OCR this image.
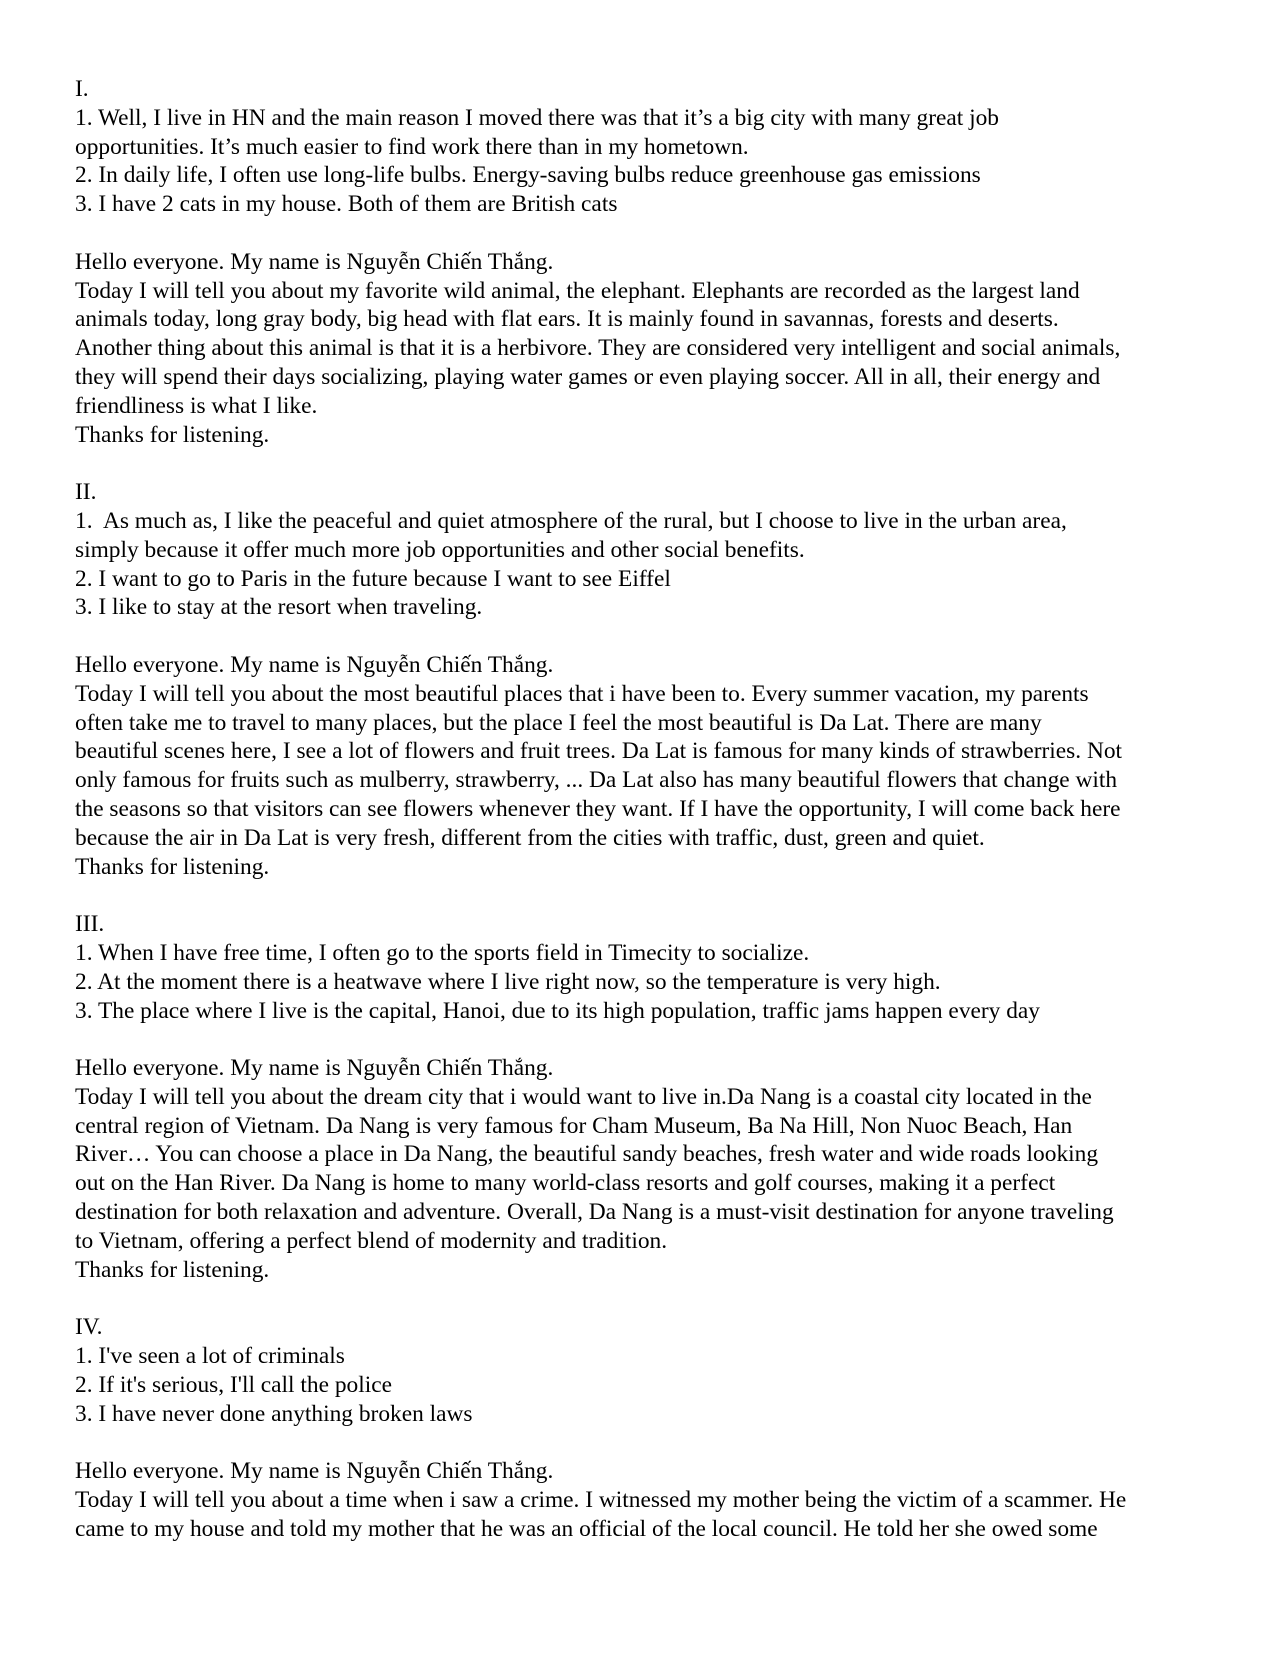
I.
1. Well, I live in HN and the main reason I moved there was that it’s a big city with many great job
opportunities. It’s much easier to find work there than in my hometown.
2. In daily life, I often use long-life bulbs. Energy-saving bulbs reduce greenhouse gas emissions
3. I have 2 cats in my house. Both of them are British cats
Hello everyone. My name is Nguyễn Chiến Thắng.
Today I will tell you about my favorite wild animal, the elephant. Elephants are recorded as the largest land
animals today, long gray body, big head with flat ears. It is mainly found in savannas, forests and deserts.
Another thing about this animal is that it is a herbivore. They are considered very intelligent and social animals,
they will spend their days socializing, playing water games or even playing soccer. All in all, their energy and
friendliness is what I like.
Thanks for listening.
II.
1.  As much as, I like the peaceful and quiet atmosphere of the rural, but I choose to live in the urban area,
simply because it offer much more job opportunities and other social benefits.
2. I want to go to Paris in the future because I want to see Eiffel
3. I like to stay at the resort when traveling.
Hello everyone. My name is Nguyễn Chiến Thắng.
Today I will tell you about the most beautiful places that i have been to. Every summer vacation, my parents
often take me to travel to many places, but the place I feel the most beautiful is Da Lat. There are many
beautiful scenes here, I see a lot of flowers and fruit trees. Da Lat is famous for many kinds of strawberries. Not
only famous for fruits such as mulberry, strawberry, ... Da Lat also has many beautiful flowers that change with
the seasons so that visitors can see flowers whenever they want. If I have the opportunity, I will come back here
because the air in Da Lat is very fresh, different from the cities with traffic, dust, green and quiet.
Thanks for listening.
III.
1. When I have free time, I often go to the sports field in Timecity to socialize.
2. At the moment there is a heatwave where I live right now, so the temperature is very high.
3. The place where I live is the capital, Hanoi, due to its high population, traffic jams happen every day
Hello everyone. My name is Nguyễn Chiến Thắng.
Today I will tell you about the dream city that i would want to live in.Da Nang is a coastal city located in the
central region of Vietnam. Da Nang is very famous for Cham Museum, Ba Na Hill, Non Nuoc Beach, Han
River… You can choose a place in Da Nang, the beautiful sandy beaches, fresh water and wide roads looking
out on the Han River. Da Nang is home to many world-class resorts and golf courses, making it a perfect
destination for both relaxation and adventure. Overall, Da Nang is a must-visit destination for anyone traveling
to Vietnam, offering a perfect blend of modernity and tradition.
Thanks for listening.
IV.
1. I've seen a lot of criminals
2. If it's serious, I'll call the police
3. I have never done anything broken laws
Hello everyone. My name is Nguyễn Chiến Thắng.
Today I will tell you about a time when i saw a crime. I witnessed my mother being the victim of a scammer. He
came to my house and told my mother that he was an official of the local council. He told her she owed some
